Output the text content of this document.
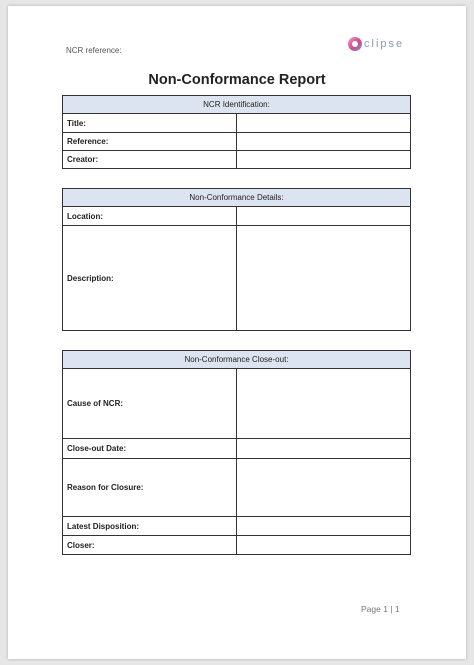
NCR reference:
clipse
Non-Conformance Report
NCR Identification:	
Title:	
Reference:	
Creator:	
Non-Conformance Details:	
Location:	
Description:	
Non-Conformance Close-out:	
Cause of NCR:	
Close-out Date:	
Reason for Closure:	
Latest Disposition:	
Closer:	
Page 1 | 1
